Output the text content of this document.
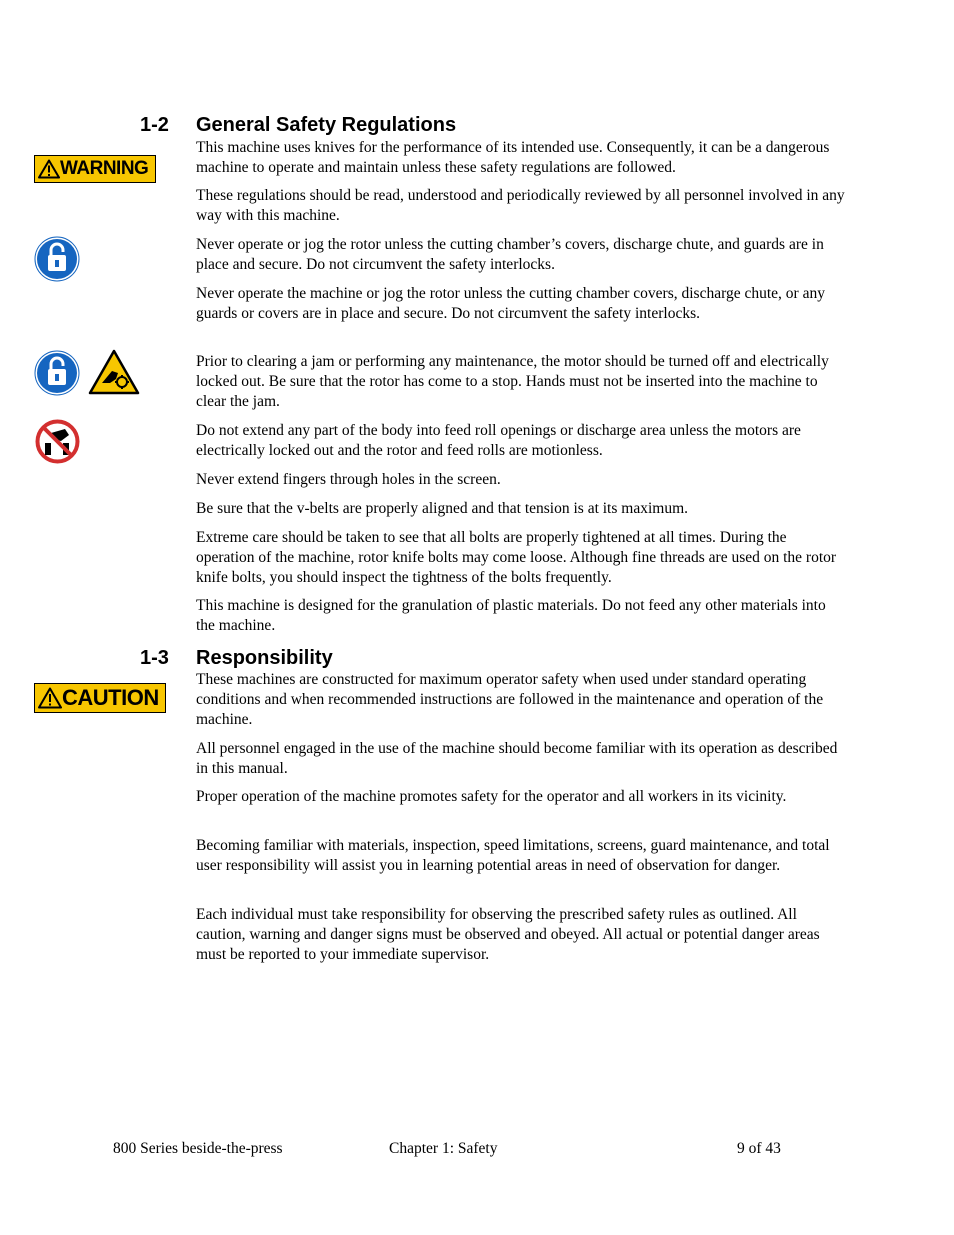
1-2 General Safety Regulations
WARNING

This machine uses knives for the performance of its intended use. Consequently, it can be a dangerous machine to operate and maintain unless these safety regulations are followed.

These regulations should be read, understood and periodically reviewed by all personnel involved in any way with this machine.

Never operate or jog the rotor unless the cutting chamber’s covers, discharge chute, and guards are in place and secure. Do not circumvent the safety interlocks.

Never operate the machine or jog the rotor unless the cutting chamber covers, discharge chute, or any guards or covers are in place and secure. Do not circumvent the safety interlocks.

Prior to clearing a jam or performing any maintenance, the motor should be turned off and electrically locked out. Be sure that the rotor has come to a stop. Hands must not be inserted into the machine to clear the jam.

Do not extend any part of the body into feed roll openings or discharge area unless the motors are electrically locked out and the rotor and feed rolls are motionless.

Never extend fingers through holes in the screen.

Be sure that the v-belts are properly aligned and that tension is at its maximum.

Extreme care should be taken to see that all bolts are properly tightened at all times. During the operation of the machine, rotor knife bolts may come loose. Although fine threads are used on the rotor knife bolts, you should inspect the tightness of the bolts frequently.

This machine is designed for the granulation of plastic materials. Do not feed any other materials into the machine.

1-3 Responsibility
CAUTION

These machines are constructed for maximum operator safety when used under standard operating conditions and when recommended instructions are followed in the maintenance and operation of the machine.

All personnel engaged in the use of the machine should become familiar with its operation as described in this manual.

Proper operation of the machine promotes safety for the operator and all workers in its vicinity.

Becoming familiar with materials, inspection, speed limitations, screens, guard maintenance, and total user responsibility will assist you in learning potential areas in need of observation for danger.

Each individual must take responsibility for observing the prescribed safety rules as outlined. All caution, warning and danger signs must be observed and obeyed. All actual or potential danger areas must be reported to your immediate supervisor.

800 Series beside-the-press	Chapter 1: Safety	9 of 43
